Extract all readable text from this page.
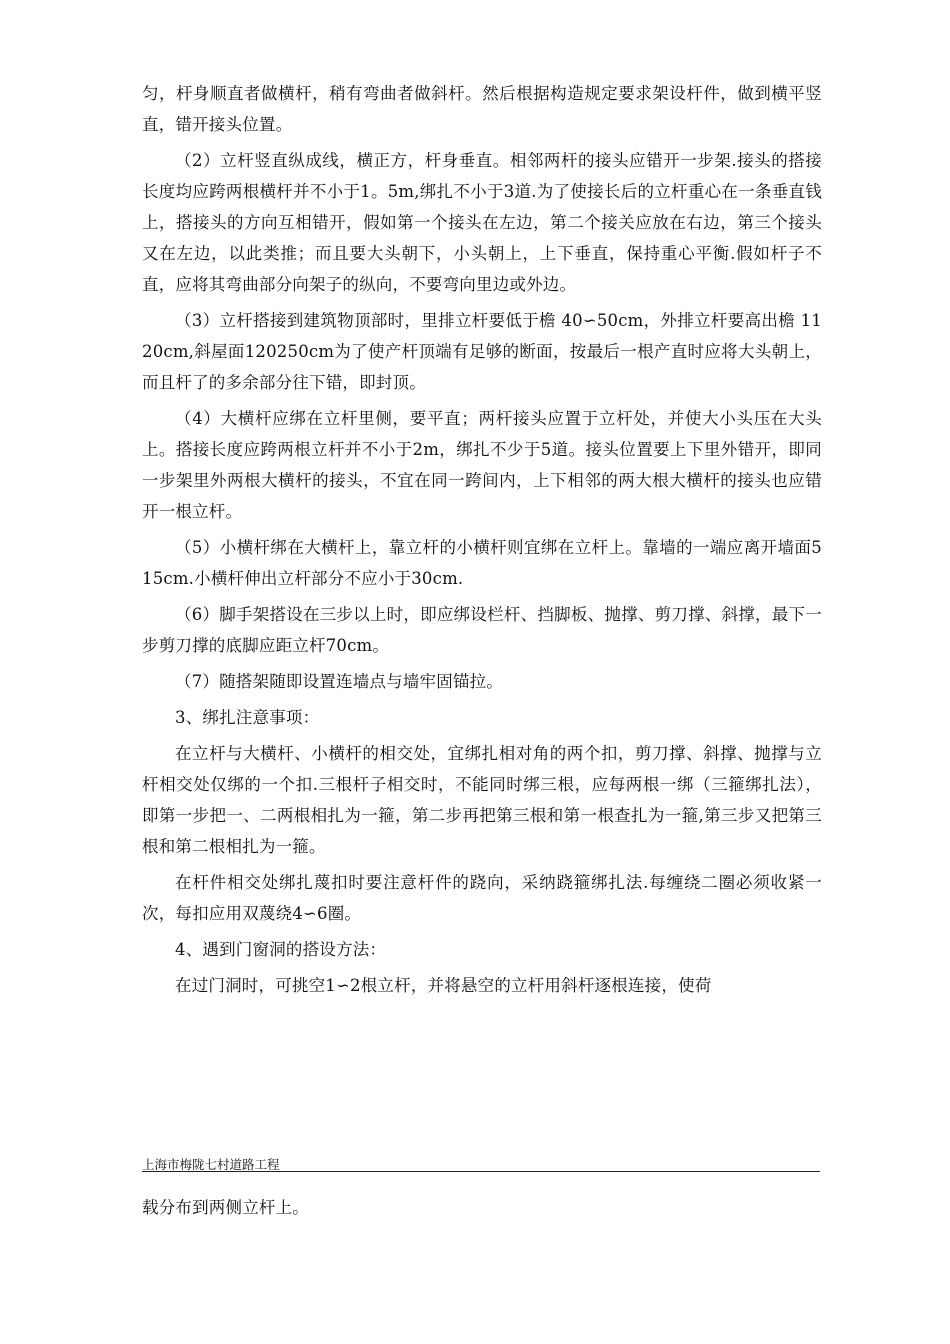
匀，杆身顺直者做横杆，稍有弯曲者做斜杆。然后根据构造规定要求架设杆件，做到横平竖直，错开接头位置。

（2）立杆竖直纵成线，横正方，杆身垂直。相邻两杆的接头应错开一步架.接头的搭接长度均应跨两根横杆并不小于1。5m,绑扎不小于3道.为了使接长后的立杆重心在一条垂直钱上，搭接头的方向互相错开，假如第一个接头在左边，第二个接关应放在右边，第三个接头又在左边，以此类推；而且要大头朝下，小头朝上，上下垂直，保持重心平衡.假如杆子不直，应将其弯曲部分向架子的纵向，不要弯向里边或外边。

（3）立杆搭接到建筑物顶部时，里排立杆要低于檐 40∽50cm，外排立杆要高出檐 1120cm,斜屋面120250cm为了使产杆顶端有足够的断面，按最后一根产直时应将大头朝上，而且杆了的多余部分往下错，即封顶。

（4）大横杆应绑在立杆里侧，要平直；两杆接头应置于立杆处，并使大小头压在大头上。搭接长度应跨两根立杆并不小于2m，绑扎不少于5道。接头位置要上下里外错开，即同一步架里外两根大横杆的接头，不宜在同一跨间内，上下相邻的两大根大横杆的接头也应错开一根立杆。

（5）小横杆绑在大横杆上，靠立杆的小横杆则宜绑在立杆上。靠墙的一端应离开墙面515cm.小横杆伸出立杆部分不应小于30cm.

（6）脚手架搭设在三步以上时，即应绑设栏杆、挡脚板、抛撑、剪刀撑、斜撑，最下一步剪刀撑的底脚应距立杆70cm。

（7）随搭架随即设置连墙点与墙牢固锚拉。

3、绑扎注意事项：

在立杆与大横杆、小横杆的相交处，宜绑扎相对角的两个扣，剪刀撑、斜撑、抛撑与立杆相交处仅绑的一个扣.三根杆子相交时，不能同时绑三根，应每两根一绑（三箍绑扎法），即第一步把一、二两根相扎为一箍，第二步再把第三根和第一根查扎为一箍,第三步又把第三根和第二根相扎为一箍。

在杆件相交处绑扎蔑扣时要注意杆件的跷向，采纳跷箍绑扎法.每缠绕二圈必须收紧一次，每扣应用双蔑绕4∽6圈。

4、遇到门窗洞的搭设方法：

在过门洞时，可挑空1∽2根立杆，并将悬空的立杆用斜杆逐根连接，使荷

上海市梅陇七村道路工程
载分布到两侧立杆上。
